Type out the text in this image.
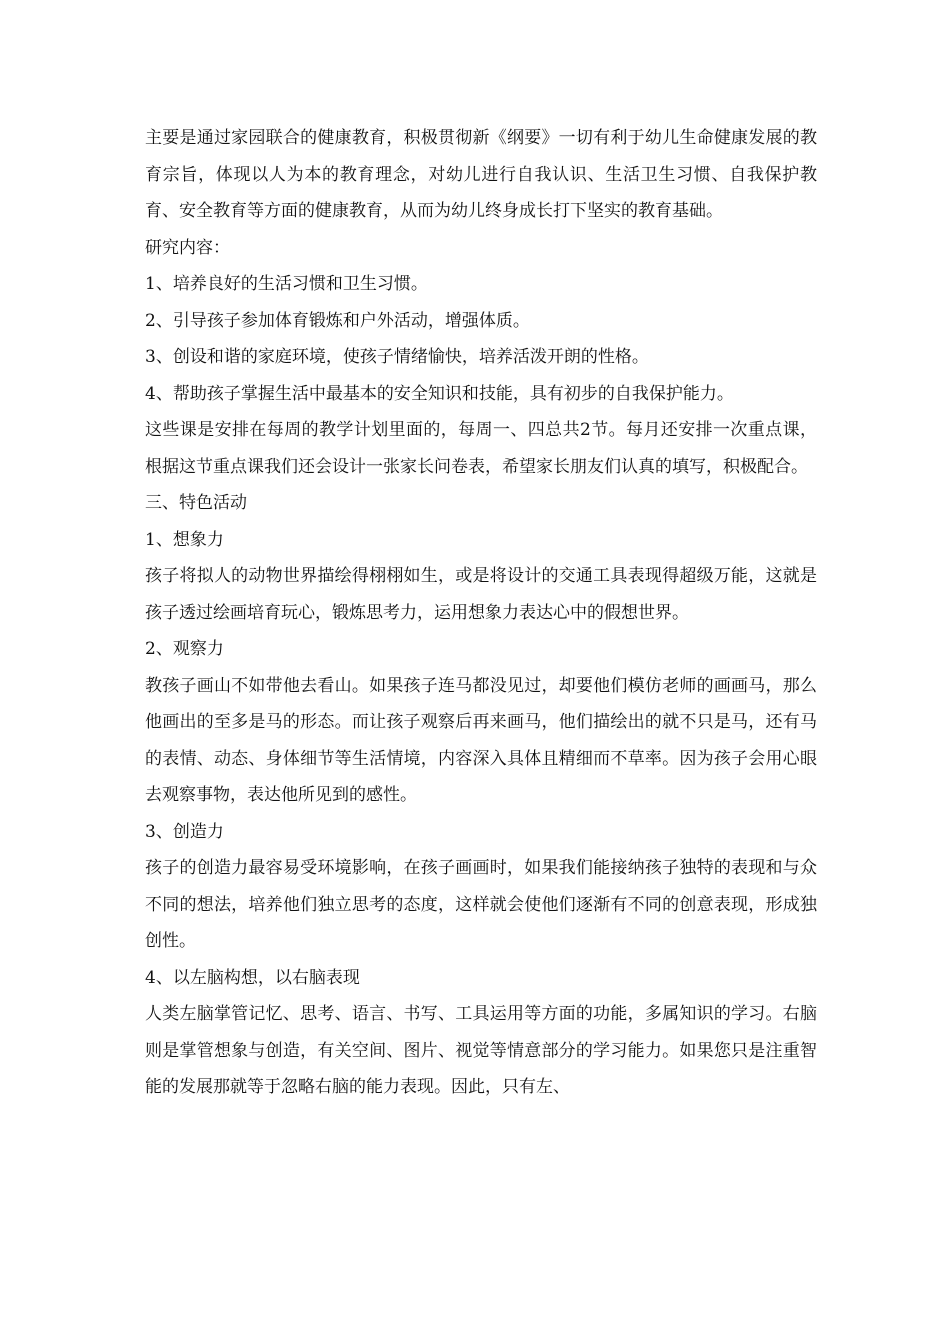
主要是通过家园联合的健康教育，积极贯彻新《纲要》一切有利于幼儿生命健康发展的教育宗旨，体现以人为本的教育理念，对幼儿进行自我认识、生活卫生习惯、自我保护教育、安全教育等方面的健康教育，从而为幼儿终身成长打下坚实的教育基础。

研究内容：

1、培养良好的生活习惯和卫生习惯。

2、引导孩子参加体育锻炼和户外活动，增强体质。

3、创设和谐的家庭环境，使孩子情绪愉快，培养活泼开朗的性格。

4、帮助孩子掌握生活中最基本的安全知识和技能，具有初步的自我保护能力。

这些课是安排在每周的教学计划里面的，每周一、四总共2节。每月还安排一次重点课，根据这节重点课我们还会设计一张家长问卷表，希望家长朋友们认真的填写，积极配合。

三、特色活动

1、想象力

孩子将拟人的动物世界描绘得栩栩如生，或是将设计的交通工具表现得超级万能，这就是孩子透过绘画培育玩心，锻炼思考力，运用想象力表达心中的假想世界。

2、观察力

教孩子画山不如带他去看山。如果孩子连马都没见过，却要他们模仿老师的画画马，那么他画出的至多是马的形态。而让孩子观察后再来画马，他们描绘出的就不只是马，还有马的表情、动态、身体细节等生活情境，内容深入具体且精细而不草率。因为孩子会用心眼去观察事物，表达他所见到的感性。

3、创造力

孩子的创造力最容易受环境影响，在孩子画画时，如果我们能接纳孩子独特的表现和与众不同的想法，培养他们独立思考的态度，这样就会使他们逐渐有不同的创意表现，形成独创性。

4、以左脑构想，以右脑表现

人类左脑掌管记忆、思考、语言、书写、工具运用等方面的功能，多属知识的学习。右脑则是掌管想象与创造，有关空间、图片、视觉等情意部分的学习能力。如果您只是注重智能的发展那就等于忽略右脑的能力表现。因此，只有左、
